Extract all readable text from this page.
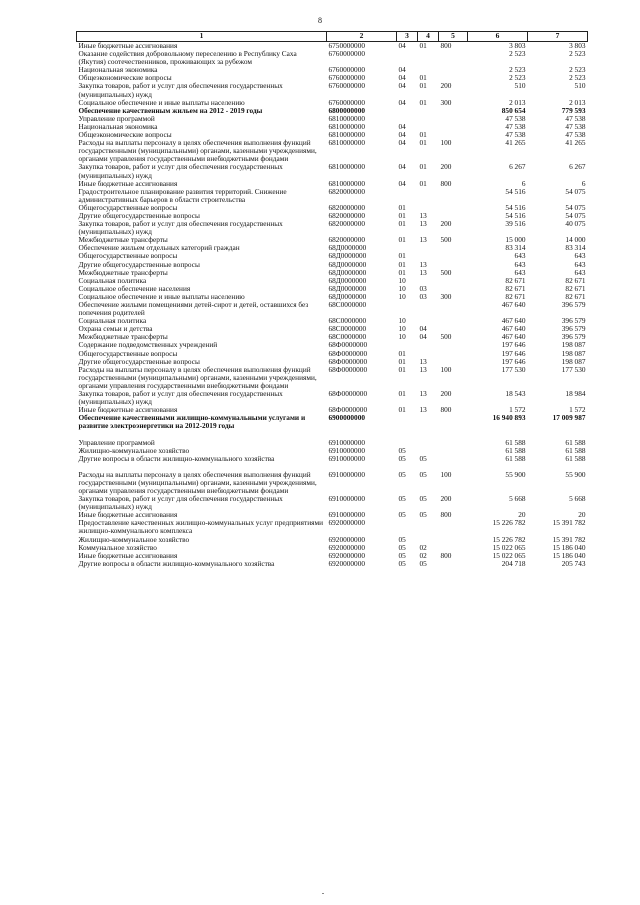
8
1	2	3	4	5	6	7
Иные бюджетные ассигнования	6750000000	04	01	800	3 803	3 803
Оказание содействия добровольному переселению в Республику Саха (Якутия) соотечественников, проживающих за рубежом	6760000000				2 523	2 523
Национальная экономика	6760000000	04			2 523	2 523
Общеэкономические вопросы	6760000000	04	01		2 523	2 523
Закупка товаров, работ и услуг для обеспечения государственных (муниципальных) нужд	6760000000	04	01	200	510	510
Социальное обеспечение и иные выплаты населению	6760000000	04	01	300	2 013	2 013
Обеспечение качественным жильем на 2012 - 2019 годы	6800000000				850 654	779 593
Управление программой	6810000000				47 538	47 538
Национальная экономика	6810000000	04			47 538	47 538
Общеэкономические вопросы	6810000000	04	01		47 538	47 538
Расходы на выплаты персоналу в целях обеспечения выполнения функций государственными (муниципальными) органами, казенными учреждениями, органами управления государственными внебюджетными фондами	6810000000	04	01	100	41 265	41 265
Закупка товаров, работ и услуг для обеспечения государственных (муниципальных) нужд	6810000000	04	01	200	6 267	6 267
Иные бюджетные ассигнования	6810000000	04	01	800	6	6
Градостроительное планирование развития территорий. Снижение административных барьеров в области строительства	6820000000				54 516	54 075
Общегосударственные вопросы	6820000000	01			54 516	54 075
Другие общегосударственные вопросы	6820000000	01	13		54 516	54 075
Закупка товаров, работ и услуг для обеспечения государственных (муниципальных) нужд	6820000000	01	13	200	39 516	40 075
Межбюджетные трансферты	6820000000	01	13	500	15 000	14 000
Обеспечение жильем отдельных категорий граждан	68Д0000000				83 314	83 314
Общегосударственные вопросы	68Д0000000	01			643	643
Другие общегосударственные вопросы	68Д0000000	01	13		643	643
Межбюджетные трансферты	68Д0000000	01	13	500	643	643
Социальная политика	68Д0000000	10			82 671	82 671
Социальное обеспечение населения	68Д0000000	10	03		82 671	82 671
Социальное обеспечение и иные выплаты населению	68Д0000000	10	03	300	82 671	82 671
Обеспечение жилыми помещениями детей-сирот и детей, оставшихся без попечения родителей	68С0000000				467 640	396 579
Социальная политика	68С0000000	10			467 640	396 579
Охрана семьи и детства	68С0000000	10	04		467 640	396 579
Межбюджетные трансферты	68С0000000	10	04	500	467 640	396 579
Содержание подведомственных учреждений	68Ф0000000				197 646	198 087
Общегосударственные вопросы	68Ф0000000	01			197 646	198 087
Другие общегосударственные вопросы	68Ф0000000	01	13		197 646	198 087
Расходы на выплаты персоналу в целях обеспечения выполнения функций государственными (муниципальными) органами, казенными учреждениями, органами управления государственными внебюджетными фондами	68Ф0000000	01	13	100	177 530	177 530
Закупка товаров, работ и услуг для обеспечения государственных (муниципальных) нужд	68Ф0000000	01	13	200	18 543	18 984
Иные бюджетные ассигнования	68Ф0000000	01	13	800	1 572	1 572
Обеспечение качественными жилищно-коммунальными услугами и развитие электроэнергетики на 2012-2019 годы	6900000000				16 940 893	17 009 987
Управление программой	6910000000				61 588	61 588
Жилищно-коммунальное хозяйство	6910000000	05			61 588	61 588
Другие вопросы в области жилищно-коммунального хозяйства	6910000000	05	05		61 588	61 588
Расходы на выплаты персоналу в целях обеспечения выполнения функций государственными (муниципальными) органами, казенными учреждениями, органами управления государственными внебюджетными фондами	6910000000	05	05	100	55 900	55 900
Закупка товаров, работ и услуг для обеспечения государственных (муниципальных) нужд	6910000000	05	05	200	5 668	5 668
Иные бюджетные ассигнования	6910000000	05	05	800	20	20
Предоставление качественных жилищно-коммунальных услуг предприятиями жилищно-коммунального комплекса	6920000000				15 226 782	15 391 782
Жилищно-коммунальное хозяйство	6920000000	05			15 226 782	15 391 782
Коммунальное хозяйство	6920000000	05	02		15 022 065	15 186 040
Иные бюджетные ассигнования	6920000000	05	02	800	15 022 065	15 186 040
Другие вопросы в области жилищно-коммунального хозяйства	6920000000	05	05		204 718	205 743
